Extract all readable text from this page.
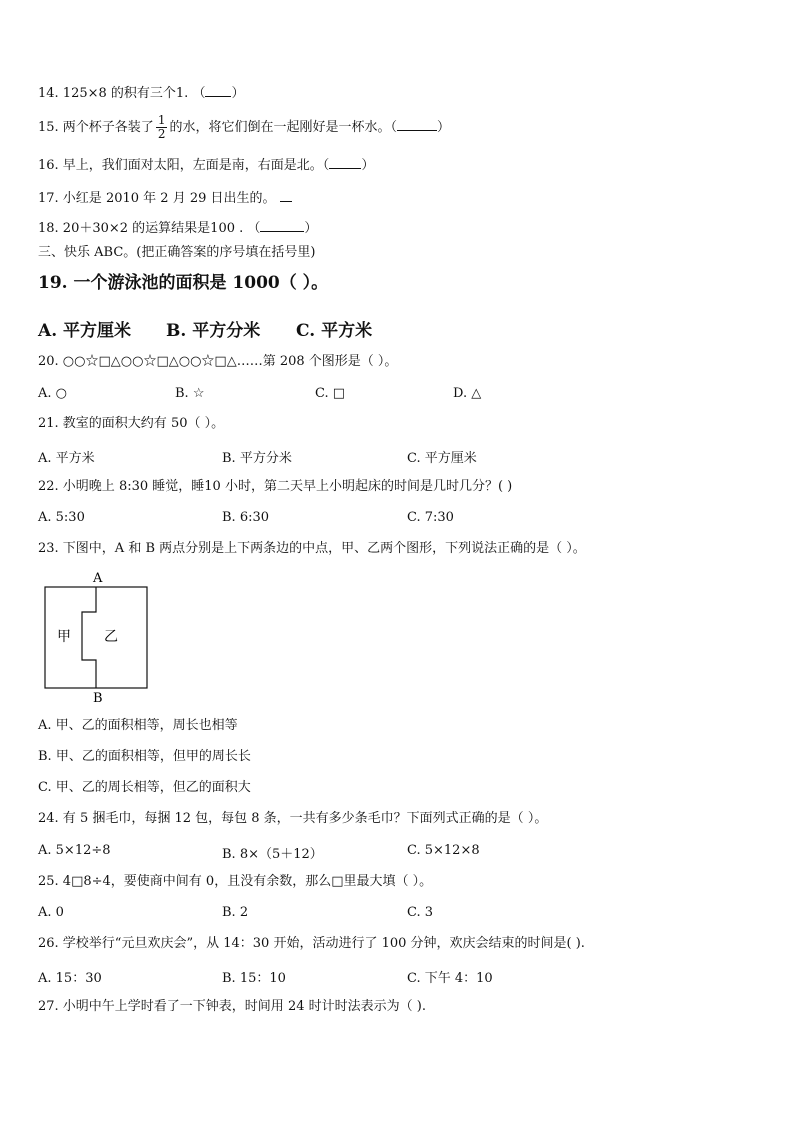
14. 125×8 的积有三个1. （ ）
15. 两个杯子各装了 $\frac{1}{2}$ 的水，将它们倒在一起刚好是一杯水。（	）
16. 早上，我们面对太阳，左面是南，右面是北。（ ）
17. 小红是 2010 年 2 月 29 日出生的。
18. 20＋30×2 的运算结果是100 . （	）
三、快乐 ABC。(把正确答案的序号填在括号里)
19. 一个游泳池的面积是 1000（ ）。
A. 平方厘米 B. 平方分米 C. 平方米
20. ○○☆□△○○☆□△○○☆□△……第 208 个图形是（ ）。
A. ○	B. ☆	C. □	D. △
21. 教室的面积大约有 50（ ）。
A. 平方米	B. 平方分米	C. 平方厘米
22. 小明晚上 8:30 睡觉，睡10 小时，第二天早上小明起床的时间是几时几分？( )
A. 5:30	B. 6:30	C. 7:30
23. 下图中，A 和 B 两点分别是上下两条边的中点，甲、乙两个图形，下列说法正确的是（ ）。
A
B
甲 乙
A. 甲、乙的面积相等，周长也相等
B. 甲、乙的面积相等，但甲的周长长
C. 甲、乙的周长相等，但乙的面积大
24. 有 5 捆毛巾，每捆 12 包，每包 8 条，一共有多少条毛巾？下面列式正确的是（ ）。
A. 5×12÷8	B. 8×（5＋12）	C. 5×12×8
25. 4□8÷4，要使商中间有 0，且没有余数，那么□里最大填（ ）。
A. 0	B. 2	C. 3
26. 学校举行“元旦欢庆会”，从 14：30 开始，活动进行了 100 分钟，欢庆会结束的时间是( ).
A. 15：30	B. 15：10	C. 下午 4：10
27. 小明中午上学时看了一下钟表，时间用 24 时计时法表示为（ ).
